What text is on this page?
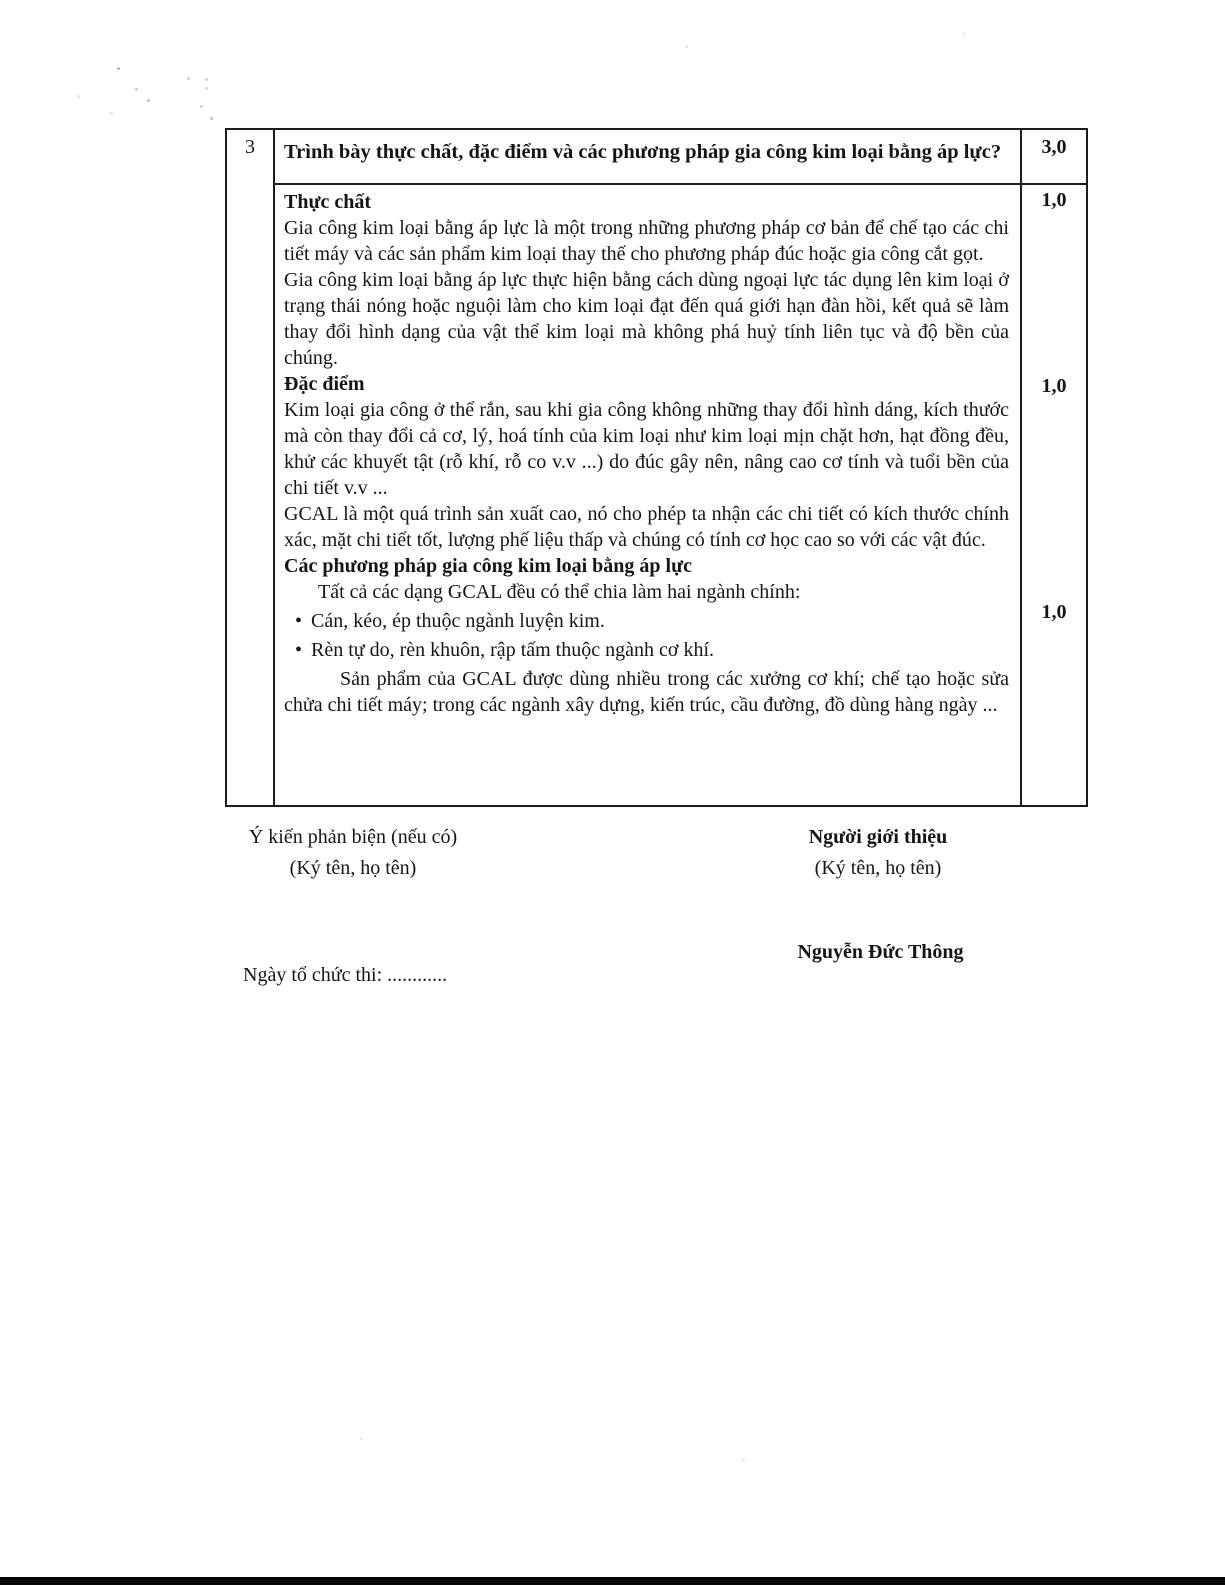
3	Trình bày thực chất, đặc điểm và các phương pháp gia công kim loại bằng áp lực?	3,0
Thực chất
Gia công kim loại bằng áp lực là một trong những phương pháp cơ bản để chế tạo các chi tiết máy và các sản phẩm kim loại thay thế cho phương pháp đúc hoặc gia công cắt gọt.
Gia công kim loại bằng áp lực thực hiện bằng cách dùng ngoại lực tác dụng lên kim loại ở trạng thái nóng hoặc nguội làm cho kim loại đạt đến quá giới hạn đàn hồi, kết quả sẽ làm thay đổi hình dạng của vật thể kim loại mà không phá huỷ tính liên tục và độ bền của chúng.
Đặc điểm
Kim loại gia công ở thể rắn, sau khi gia công không những thay đổi hình dáng, kích thước mà còn thay đổi cả cơ, lý, hoá tính của kim loại như kim loại mịn chặt hơn, hạt đồng đều, khử các khuyết tật (rỗ khí, rỗ co v.v ...) do đúc gây nên, nâng cao cơ tính và tuổi bền của chi tiết v.v ...
GCAL là một quá trình sản xuất cao, nó cho phép ta nhận các chi tiết có kích thước chính xác, mặt chi tiết tốt, lượng phế liệu thấp và chúng có tính cơ học cao so với các vật đúc.
Các phương pháp gia công kim loại bằng áp lực
Tất cả các dạng GCAL đều có thể chia làm hai ngành chính:
•
Cán, kéo, ép thuộc ngành luyện kim.
•
Rèn tự do, rèn khuôn, rập tấm thuộc ngành cơ khí.
Sản phẩm của GCAL được dùng nhiều trong các xưởng cơ khí; chế tạo hoặc sửa chửa chi tiết máy; trong các ngành xây dựng, kiến trúc, cầu đường, đồ dùng hàng ngày ...
1,0
1,0
1,0
Ý kiến phản biện (nếu có)
(Ký tên, họ tên)
Người giới thiệu
(Ký tên, họ tên)
Nguyễn Đức Thông
Ngày tổ chức thi: ............
